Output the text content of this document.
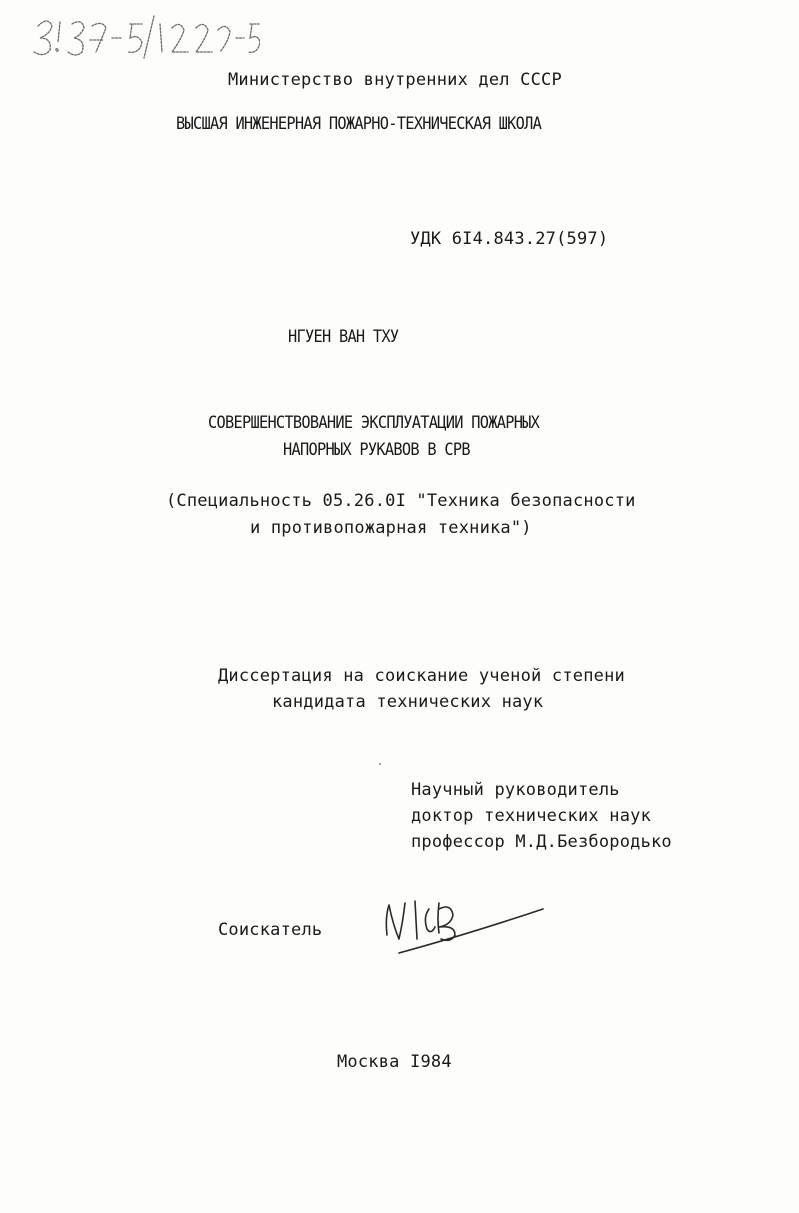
Министерство внутренних дел СССР
ВЫСШАЯ ИНЖЕНЕРНАЯ ПОЖАРНО-ТЕХНИЧЕСКАЯ ШКОЛА
УДК 6I4.843.27(597)
НГУЕН ВАН ТХУ
СОВЕРШЕНСТВОВАНИЕ ЭКСПЛУАТАЦИИ ПОЖАРНЫХ
НАПОРНЫХ РУКАВОВ В СРВ
(Специальность 05.26.0I "Техника безопасности
и противопожарная техника")
Диссертация на соискание ученой степени
кандидата технических наук
Научный руководитель
доктор технических наук
профессор М.Д.Безбородько
Соискатель
Москва I984
